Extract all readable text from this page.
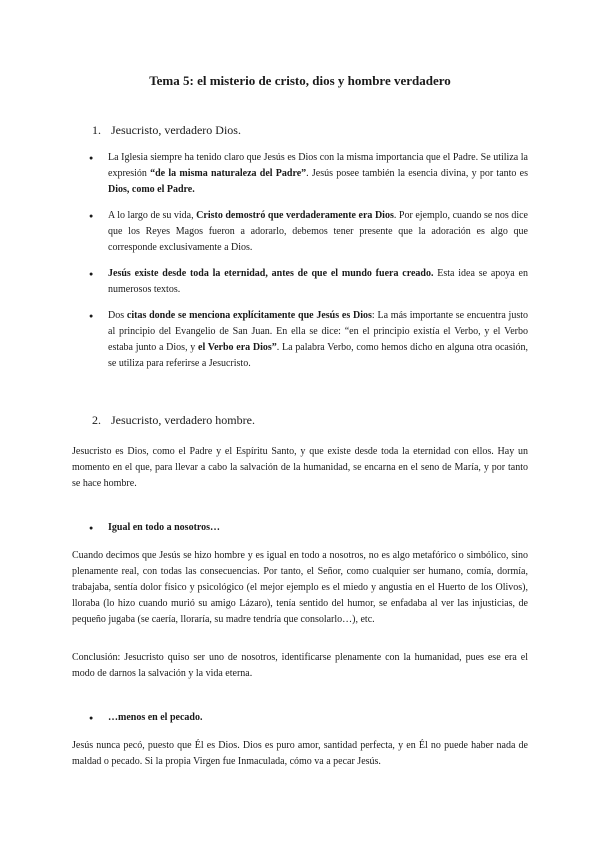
Tema 5: el misterio de cristo, dios y hombre verdadero
1. Jesucristo, verdadero Dios.
● La Iglesia siempre ha tenido claro que Jesús es Dios con la misma importancia que el Padre. Se utiliza la expresión “de la misma naturaleza del Padre”. Jesús posee también la esencia divina, y por tanto es Dios, como el Padre.
● A lo largo de su vida, Cristo demostró que verdaderamente era Dios. Por ejemplo, cuando se nos dice que los Reyes Magos fueron a adorarlo, debemos tener presente que la adoración es algo que corresponde exclusivamente a Dios.
● Jesús existe desde toda la eternidad, antes de que el mundo fuera creado. Esta idea se apoya en numerosos textos.
● Dos citas donde se menciona explícitamente que Jesús es Dios: La más importante se encuentra justo al principio del Evangelio de San Juan. En ella se dice: “en el principio existía el Verbo, y el Verbo estaba junto a Dios, y el Verbo era Dios”. La palabra Verbo, como hemos dicho en alguna otra ocasión, se utiliza para referirse a Jesucristo.
2. Jesucristo, verdadero hombre.
Jesucristo es Dios, como el Padre y el Espíritu Santo, y que existe desde toda la eternidad con ellos. Hay un momento en el que, para llevar a cabo la salvación de la humanidad, se encarna en el seno de María, y por tanto se hace hombre.
● Igual en todo a nosotros…
Cuando decimos que Jesús se hizo hombre y es igual en todo a nosotros, no es algo metafórico o simbólico, sino plenamente real, con todas las consecuencias. Por tanto, el Señor, como cualquier ser humano, comía, dormía, trabajaba, sentía dolor físico y psicológico (el mejor ejemplo es el miedo y angustia en el Huerto de los Olivos), lloraba (lo hizo cuando murió su amigo Lázaro), tenía sentido del humor, se enfadaba al ver las injusticias, de pequeño jugaba (se caería, lloraría, su madre tendría que consolarlo…), etc.
Conclusión: Jesucristo quiso ser uno de nosotros, identificarse plenamente con la humanidad, pues ese era el modo de darnos la salvación y la vida eterna.
● …menos en el pecado.
Jesús nunca pecó, puesto que Él es Dios. Dios es puro amor, santidad perfecta, y en Él no puede haber nada de maldad o pecado. Si la propia Virgen fue Inmaculada, cómo va a pecar Jesús.
